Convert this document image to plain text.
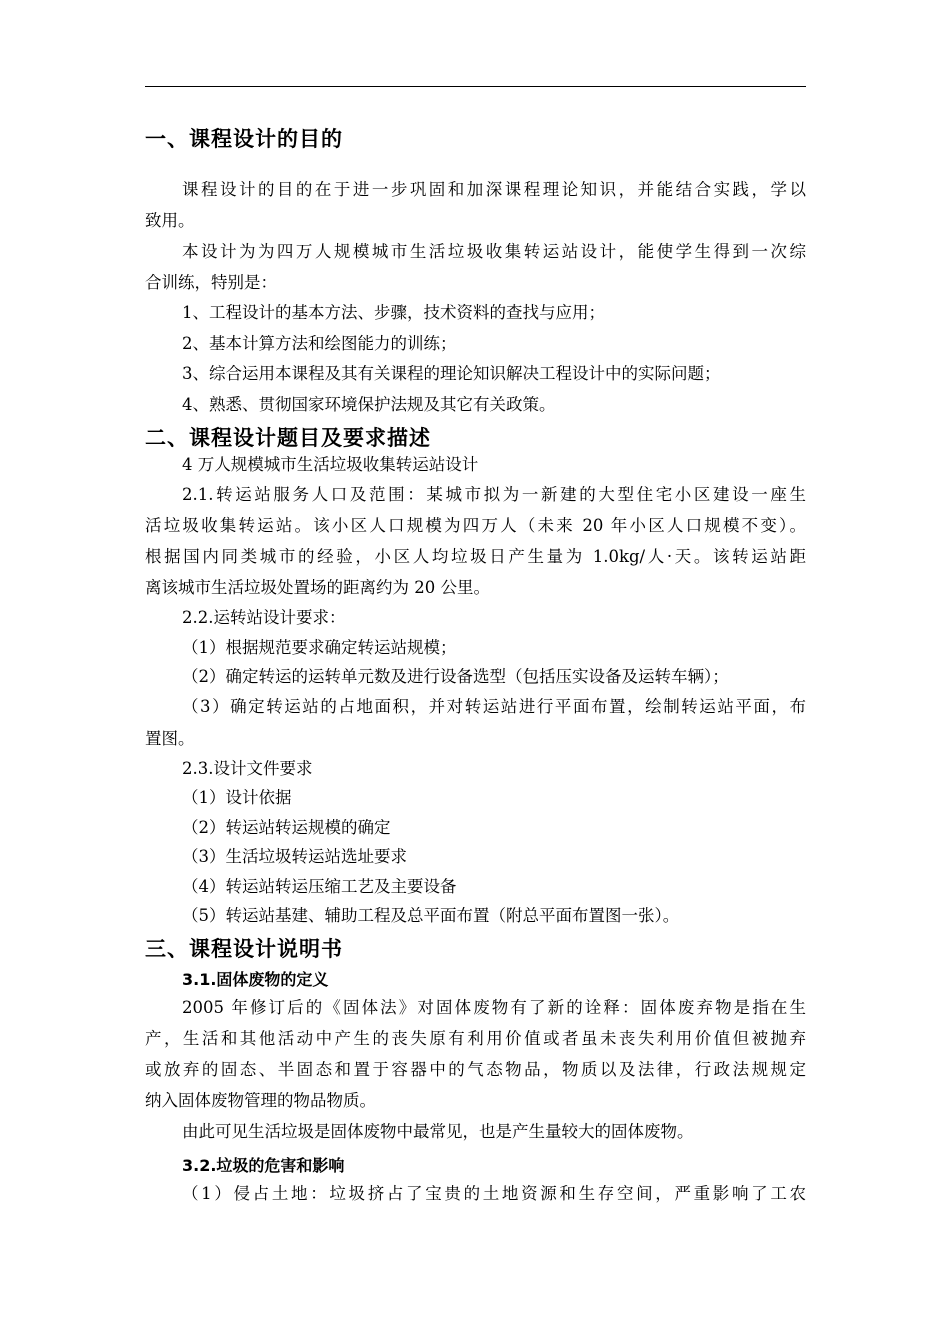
一、课程设计的目的

课程设计的目的在于进一步巩固和加深课程理论知识，并能结合实践，学以

致用。

本设计为为四万人规模城市生活垃圾收集转运站设计，能使学生得到一次综

合训练，特别是：

1、工程设计的基本方法、步骤，技术资料的查找与应用；

2、基本计算方法和绘图能力的训练；

3、综合运用本课程及其有关课程的理论知识解决工程设计中的实际问题；

4、熟悉、贯彻国家环境保护法规及其它有关政策。

二、课程设计题目及要求描述

4 万人规模城市生活垃圾收集转运站设计

2.1.转运站服务人口及范围：某城市拟为一新建的大型住宅小区建设一座生

活垃圾收集转运站。该小区人口规模为四万人（未来 20 年小区人口规模不变）。

根据国内同类城市的经验，小区人均垃圾日产生量为 1.0kg/人·天。该转运站距

离该城市生活垃圾处置场的距离约为 20 公里。

2.2.运转站设计要求：

（1）根据规范要求确定转运站规模；

（2）确定转运的运转单元数及进行设备选型（包括压实设备及运转车辆）；

（3）确定转运站的占地面积，并对转运站进行平面布置，绘制转运站平面，布

置图。

2.3.设计文件要求

（1）设计依据

（2）转运站转运规模的确定

（3）生活垃圾转运站选址要求

（4）转运站转运压缩工艺及主要设备

（5）转运站基建、辅助工程及总平面布置（附总平面布置图一张）。

三、课程设计说明书
3.1.固体废物的定义

2005 年修订后的《固体法》对固体废物有了新的诠释：固体废弃物是指在生

产，生活和其他活动中产生的丧失原有利用价值或者虽未丧失利用价值但被抛弃

或放弃的固态、半固态和置于容器中的气态物品，物质以及法律，行政法规规定

纳入固体废物管理的物品物质。

由此可见生活垃圾是固体废物中最常见，也是产生量较大的固体废物。

3.2.垃圾的危害和影响

（1）侵占土地：垃圾挤占了宝贵的土地资源和生存空间，严重影响了工农
